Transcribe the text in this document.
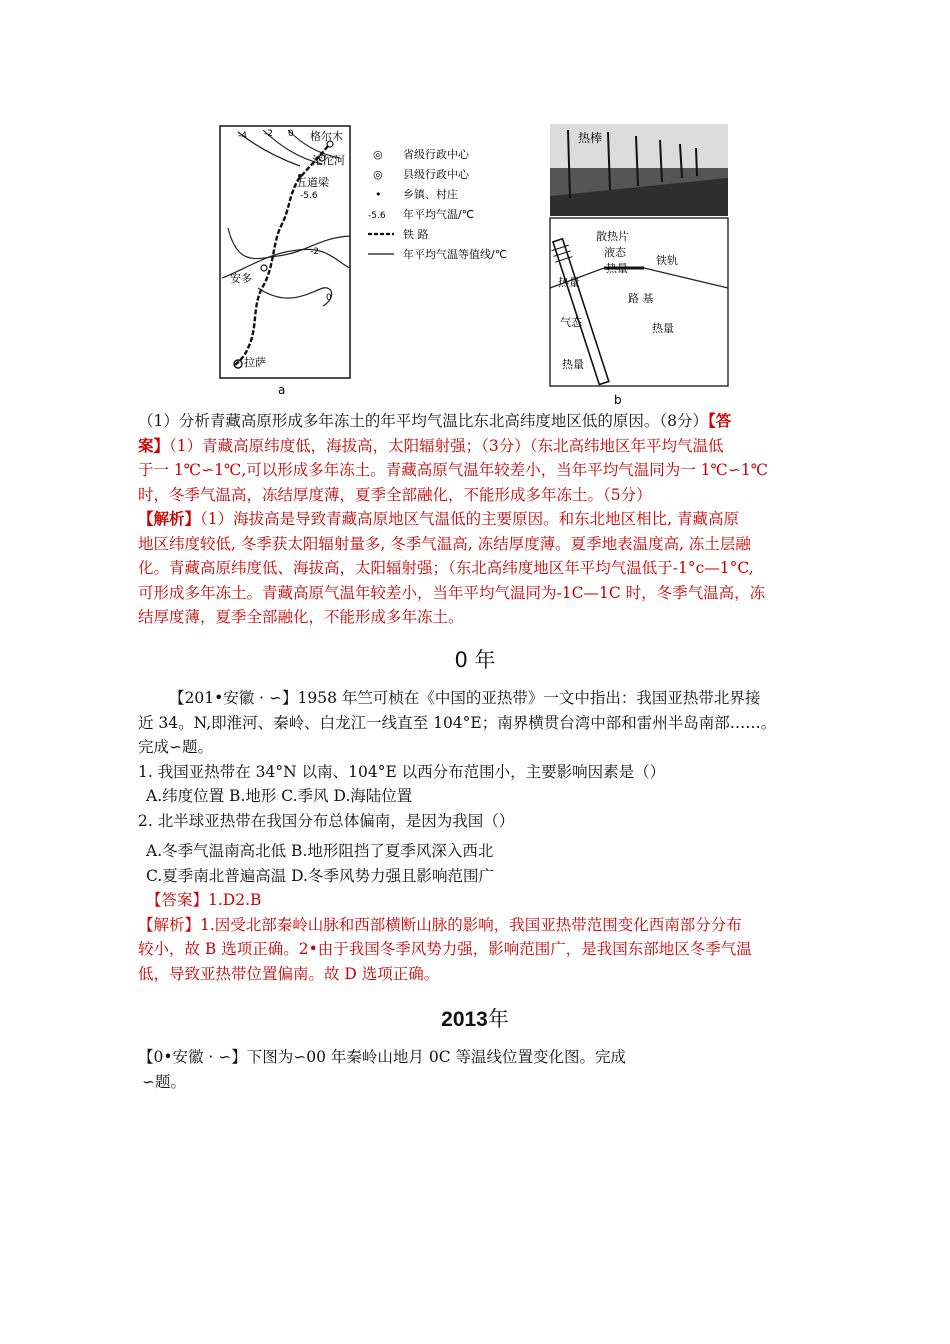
格尔木
沱沱河
五道梁
安多
拉萨
-4 -2 0
-5.6
-2
0
◎ 省级行政中心
◎ 县级行政中心
• 乡镇、村庄
-5.6 年平均气温/℃
铁 路
年平均气温等值线/℃
a
热棒
散热片
液态
热量
铁轨
热量
路 基
气态	热量
热量
b
（1）分析青藏高原形成多年冻土的年平均气温比东北高纬度地区低的原因。（8分）【答
案】（1）青藏高原纬度低，海拔高，太阳辐射强；（3分）（东北高纬地区年平均气温低
于一 1℃∽1℃,可以形成多年冻土。青藏高原气温年较差小，当年平均气温同为一 1℃∽1℃
时，冬季气温高，冻结厚度薄，夏季全部融化，不能形成多年冻土。（5分）
【解析】（1）海拔高是导致青藏高原地区气温低的主要原因。和东北地区相比, 青藏高原
地区纬度较低, 冬季获太阳辐射量多, 冬季气温高, 冻结厚度薄。夏季地表温度高, 冻土层融
化。青藏高原纬度低、海拔高，太阳辐射强；（东北高纬度地区年平均气温低于-1°c—1°C,
可形成多年冻土。青藏高原气温年较差小，当年平均气温同为-1C—1C 时，冬季气温高，冻
结厚度薄，夏季全部融化，不能形成多年冻土。
0 年
【201•安徽 · ∽】1958 年竺可桢在《中国的亚热带》一文中指出：我国亚热带北界接
近 34。N,即淮河、秦岭、白龙江一线直至 104°E；南界横贯台湾中部和雷州半岛南部……。
完成∽题。
1. 我国亚热带在 34°N 以南、104°E 以西分布范围小，主要影响因素是（）
A.纬度位置 B.地形 C.季风 D.海陆位置
2. 北半球亚热带在我国分布总体偏南，是因为我国（）
A.冬季气温南高北低 B.地形阻挡了夏季风深入西北
C.夏季南北普遍高温 D.冬季风势力强且影响范围广
【答案】1.D2.B
【解析】1.因受北部秦岭山脉和西部横断山脉的影响，我国亚热带范围变化西南部分分布
较小，故 B 选项正确。2•由于我国冬季风势力强，影响范围广，是我国东部地区冬季气温
低，导致亚热带位置偏南。故 D 选项正确。
2013年
【0•安徽 · ∽】下图为∽00 年秦岭山地月 0C 等温线位置变化图。完成
∽题。
